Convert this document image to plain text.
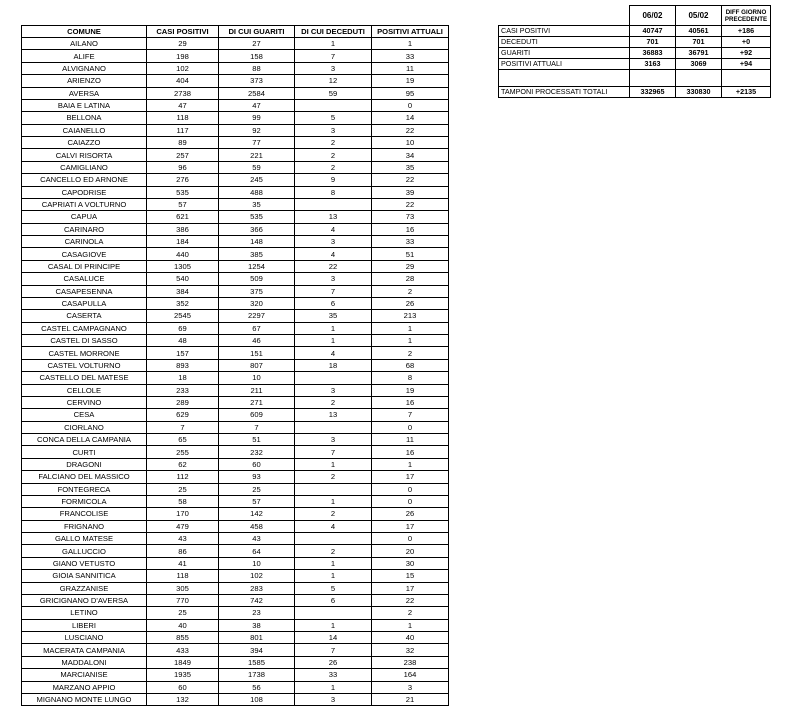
	06/02	05/02	DIFF GIORNO PRECEDENTE
CASI POSITIVI	40747	40561	+186
DECEDUTI	701	701	+0
GUARITI	36883	36791	+92
POSITIVI ATTUALI	3163	3069	+94

TAMPONI PROCESSATI TOTALI	332965	330830	+2135
COMUNE	CASI POSITIVI	DI CUI GUARITI	DI CUI DECEDUTI	POSITIVI ATTUALI
AILANO	29	27	1	1
ALIFE	198	158	7	33
ALVIGNANO	102	88	3	11
ARIENZO	404	373	12	19
AVERSA	2738	2584	59	95
BAIA E LATINA	47	47		0
BELLONA	118	99	5	14
CAIANELLO	117	92	3	22
CAIAZZO	89	77	2	10
CALVI RISORTA	257	221	2	34
CAMIGLIANO	96	59	2	35
CANCELLO ED ARNONE	276	245	9	22
CAPODRISE	535	488	8	39
CAPRIATI A VOLTURNO	57	35		22
CAPUA	621	535	13	73
CARINARO	386	366	4	16
CARINOLA	184	148	3	33
CASAGIOVE	440	385	4	51
CASAL DI PRINCIPE	1305	1254	22	29
CASALUCE	540	509	3	28
CASAPESENNA	384	375	7	2
CASAPULLA	352	320	6	26
CASERTA	2545	2297	35	213
CASTEL CAMPAGNANO	69	67	1	1
CASTEL DI SASSO	48	46	1	1
CASTEL MORRONE	157	151	4	2
CASTEL VOLTURNO	893	807	18	68
CASTELLO DEL MATESE	18	10		8
CELLOLE	233	211	3	19
CERVINO	289	271	2	16
CESA	629	609	13	7
CIORLANO	7	7		0
CONCA DELLA CAMPANIA	65	51	3	11
CURTI	255	232	7	16
DRAGONI	62	60	1	1
FALCIANO DEL MASSICO	112	93	2	17
FONTEGRECA	25	25		0
FORMICOLA	58	57	1	0
FRANCOLISE	170	142	2	26
FRIGNANO	479	458	4	17
GALLO MATESE	43	43		0
GALLUCCIO	86	64	2	20
GIANO VETUSTO	41	10	1	30
GIOIA SANNITICA	118	102	1	15
GRAZZANISE	305	283	5	17
GRICIGNANO D'AVERSA	770	742	6	22
LETINO	25	23		2
LIBERI	40	38	1	1
LUSCIANO	855	801	14	40
MACERATA CAMPANIA	433	394	7	32
MADDALONI	1849	1585	26	238
MARCIANISE	1935	1738	33	164
MARZANO APPIO	60	56	1	3
MIGNANO MONTE LUNGO	132	108	3	21
